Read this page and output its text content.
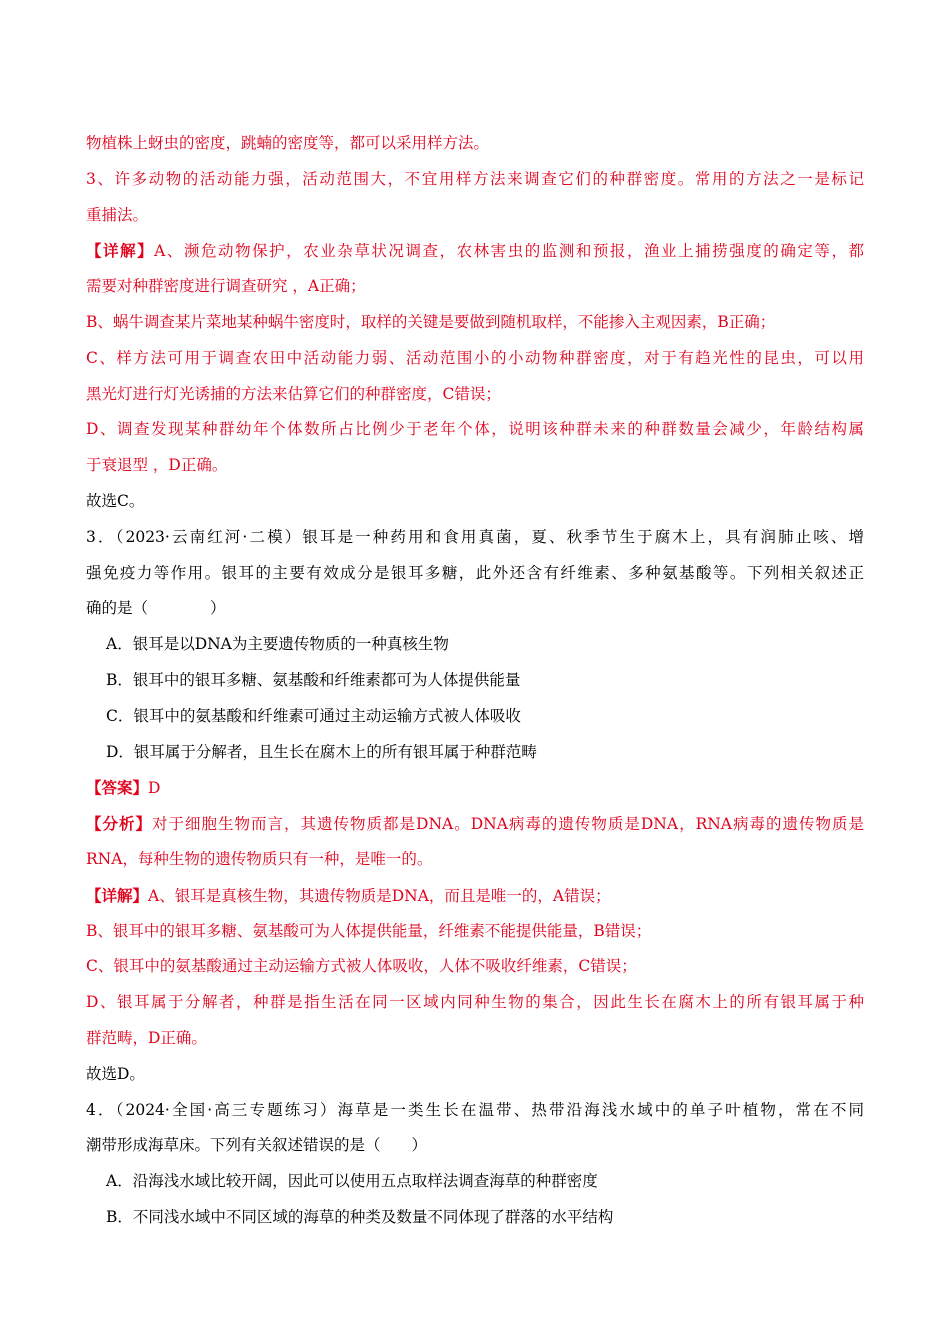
物植株上蚜虫的密度，跳蝻的密度等，都可以采用样方法。
3、许多动物的活动能力强，活动范围大，不宜用样方法来调查它们的种群密度。常用的方法之一是标记
重捕法。
【详解】A、濒危动物保护，农业杂草状况调查，农林害虫的监测和预报，渔业上捕捞强度的确定等，都
需要对种群密度进行调查研究 ，A正确；
B、蜗牛调查某片菜地某种蜗牛密度时，取样的关键是要做到随机取样，不能掺入主观因素，B正确；
C、样方法可用于调查农田中活动能力弱、活动范围小的小动物种群密度，对于有趋光性的昆虫，可以用
黑光灯进行灯光诱捕的方法来估算它们的种群密度，C错误；
D、调查发现某种群幼年个体数所占比例少于老年个体，说明该种群未来的种群数量会减少，年龄结构属
于衰退型 ，D正确。
故选C。
3．（2023·云南红河·二模）银耳是一种药用和食用真菌，夏、秋季节生于腐木上，具有润肺止咳、增
强免疫力等作用。银耳的主要有效成分是银耳多糖，此外还含有纤维素、多种氨基酸等。下列相关叙述正
确的是（　　　　）
A．银耳是以DNA为主要遗传物质的一种真核生物
B．银耳中的银耳多糖、氨基酸和纤维素都可为人体提供能量
C．银耳中的氨基酸和纤维素可通过主动运输方式被人体吸收
D．银耳属于分解者，且生长在腐木上的所有银耳属于种群范畴
【答案】D
【分析】对于细胞生物而言，其遗传物质都是DNA。DNA病毒的遗传物质是DNA，RNA病毒的遗传物质是
RNA，每种生物的遗传物质只有一种，是唯一的。
【详解】A、银耳是真核生物，其遗传物质是DNA，而且是唯一的，A错误；
B、银耳中的银耳多糖、氨基酸可为人体提供能量，纤维素不能提供能量，B错误；
C、银耳中的氨基酸通过主动运输方式被人体吸收，人体不吸收纤维素，C错误；
D、银耳属于分解者，种群是指生活在同一区域内同种生物的集合，因此生长在腐木上的所有银耳属于种
群范畴，D正确。
故选D。
4．（2024·全国·高三专题练习）海草是一类生长在温带、热带沿海浅水域中的单子叶植物，常在不同
潮带形成海草床。下列有关叙述错误的是（　　）
A．沿海浅水域比较开阔，因此可以使用五点取样法调查海草的种群密度
B．不同浅水域中不同区域的海草的种类及数量不同体现了群落的水平结构
